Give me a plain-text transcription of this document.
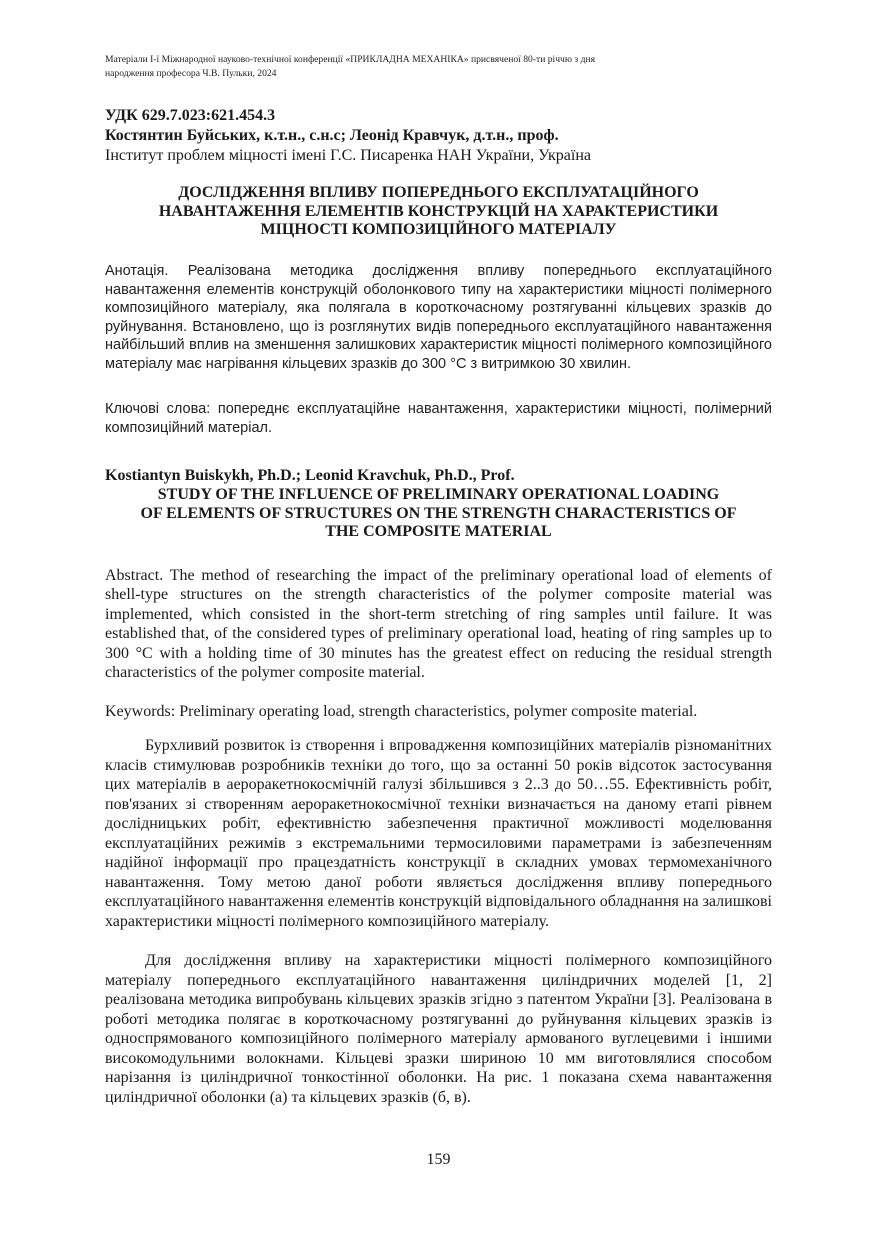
Матеріали I-ї Міжнародної науково-технічної конференції «ПРИКЛАДНА МЕХАНІКА» присвяченої 80-ти річчю з дня
народження професора Ч.В. Пульки, 2024
УДК 629.7.023:621.454.3
Костянтин Буйських, к.т.н., с.н.с; Леонід Кравчук, д.т.н., проф.
Інститут проблем міцності імені Г.С. Писаренка НАН України, Україна
ДОСЛІДЖЕННЯ ВПЛИВУ ПОПЕРЕДНЬОГО ЕКСПЛУАТАЦІЙНОГО
НАВАНТАЖЕННЯ ЕЛЕМЕНТІВ КОНСТРУКЦІЙ НА ХАРАКТЕРИСТИКИ
МІЦНОСТІ КОМПОЗИЦІЙНОГО МАТЕРІАЛУ
Анотація. Реалізована методика дослідження впливу попереднього експлуатаційного навантаження елементів конструкцій оболонкового типу на характеристики міцності полімерного композиційного матеріалу, яка полягала в короткочасному розтягуванні кільцевих зразків до руйнування. Встановлено, що із розглянутих видів попереднього експлуатаційного навантаження найбільший вплив на зменшення залишкових характеристик міцності полімерного композиційного матеріалу має нагрівання кільцевих зразків до 300 °C з витримкою 30 хвилин.
Ключові слова: попереднє експлуатаційне навантаження, характеристики міцності, полімерний композиційний матеріал.
Kostiantyn Buiskykh, Ph.D.; Leonid Kravchuk, Ph.D., Prof.
STUDY OF THE INFLUENCE OF PRELIMINARY OPERATIONAL LOADING
OF ELEMENTS OF STRUCTURES ON THE STRENGTH CHARACTERISTICS OF
THE COMPOSITE MATERIAL
Abstract. The method of researching the impact of the preliminary operational load of elements of shell-type structures on the strength characteristics of the polymer composite material was implemented, which consisted in the short-term stretching of ring samples until failure. It was established that, of the considered types of preliminary operational load, heating of ring samples up to 300 °C with a holding time of 30 minutes has the greatest effect on reducing the residual strength characteristics of the polymer composite material.
Keywords: Preliminary operating load, strength characteristics, polymer composite material.

Бурхливий розвиток із створення і впровадження композиційних матеріалів різноманітних класів стимулював розробників техніки до того, що за останні 50 років відсоток застосування цих матеріалів в аероракетнокосмічній галузі збільшився з 2..3 до 50…55. Ефективність робіт, пов'язаних зі створенням аероракетнокосмічної техніки визначається на даному етапі рівнем дослідницьких робіт, ефективністю забезпечення практичної можливості моделювання експлуатаційних режимів з екстремальними термосиловими параметрами із забезпеченням надійної інформації про працездатність конструкції в складних умовах термомеханічного навантаження. Тому метою даної роботи являється дослідження впливу попереднього експлуатаційного навантаження елементів конструкцій відповідального обладнання на залишкові характеристики міцності полімерного композиційного матеріалу.

Для дослідження впливу на характеристики міцності полімерного композиційного матеріалу попереднього експлуатаційного навантаження циліндричних моделей [1, 2] реалізована методика випробувань кільцевих зразків згідно з патентом України [3]. Реалізована в роботі методика полягає в короткочасному розтягуванні до руйнування кільцевих зразків із односпрямованого композиційного полімерного матеріалу армованого вуглецевими і іншими високомодульними волокнами. Кільцеві зразки шириною 10 мм виготовлялися способом нарізання із циліндричної тонкостінної оболонки. На рис. 1 показана схема навантаження циліндричної оболонки (а) та кільцевих зразків (б, в).

159
